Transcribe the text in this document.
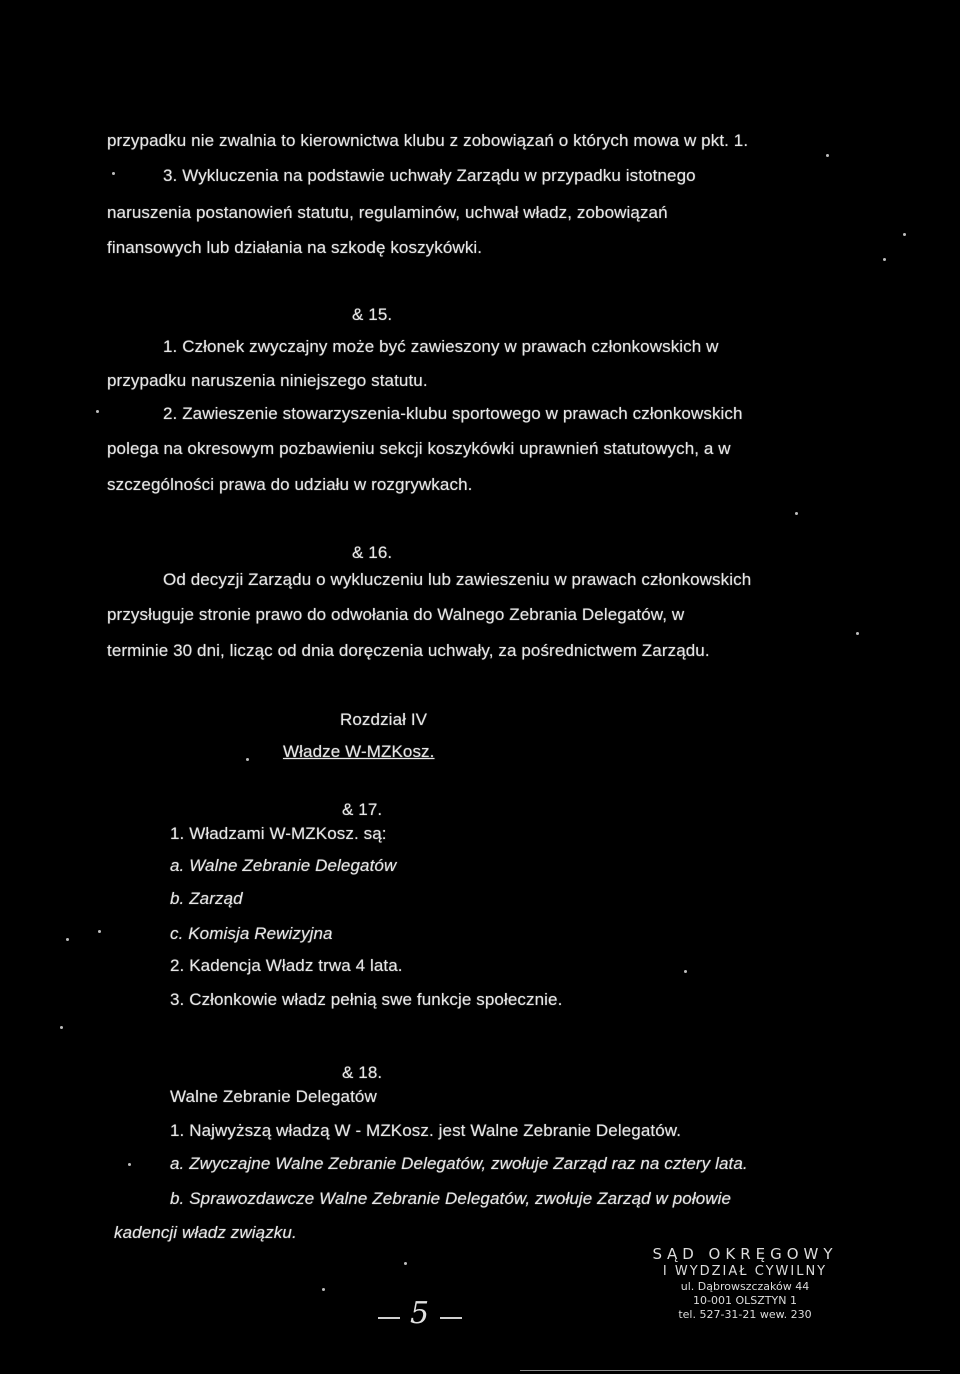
przypadku nie zwalnia to kierownictwa klubu z zobowiązań o których mowa w pkt. 1.
3. Wykluczenia na podstawie uchwały Zarządu w przypadku istotnego
naruszenia postanowień statutu, regulaminów, uchwał władz, zobowiązań
finansowych lub działania na szkodę koszykówki.
& 15.
1. Członek zwyczajny może być zawieszony w prawach członkowskich w
przypadku naruszenia niniejszego statutu.
2. Zawieszenie stowarzyszenia-klubu sportowego w prawach członkowskich
polega na okresowym pozbawieniu sekcji koszykówki uprawnień statutowych, a w
szczególności prawa do udziału w rozgrywkach.
& 16.
Od decyzji Zarządu o wykluczeniu lub zawieszeniu w prawach członkowskich
przysługuje stronie prawo do odwołania do Walnego Zebrania Delegatów, w
terminie 30 dni, licząc od dnia doręczenia uchwały, za pośrednictwem Zarządu.
Rozdział IV
Władze W-MZKosz.
& 17.
1. Władzami W-MZKosz. są:
a. Walne Zebranie Delegatów
b. Zarząd
c. Komisja Rewizyjna
2. Kadencja Władz trwa 4 lata.
3. Członkowie władz pełnią swe funkcje społecznie.
& 18.
Walne Zebranie Delegatów
1. Najwyższą władzą W - MZKosz. jest Walne Zebranie Delegatów.
a. Zwyczajne Walne Zebranie Delegatów, zwołuje Zarząd raz na cztery lata.
b. Sprawozdawcze Walne Zebranie Delegatów, zwołuje Zarząd w połowie
kadencji władz związku.
5
SĄD OKRĘGOWY
I WYDZIAŁ CYWILNY
ul. Dąbrowszczaków 44
10-001 OLSZTYN 1
tel. 527-31-21 wew. 230
